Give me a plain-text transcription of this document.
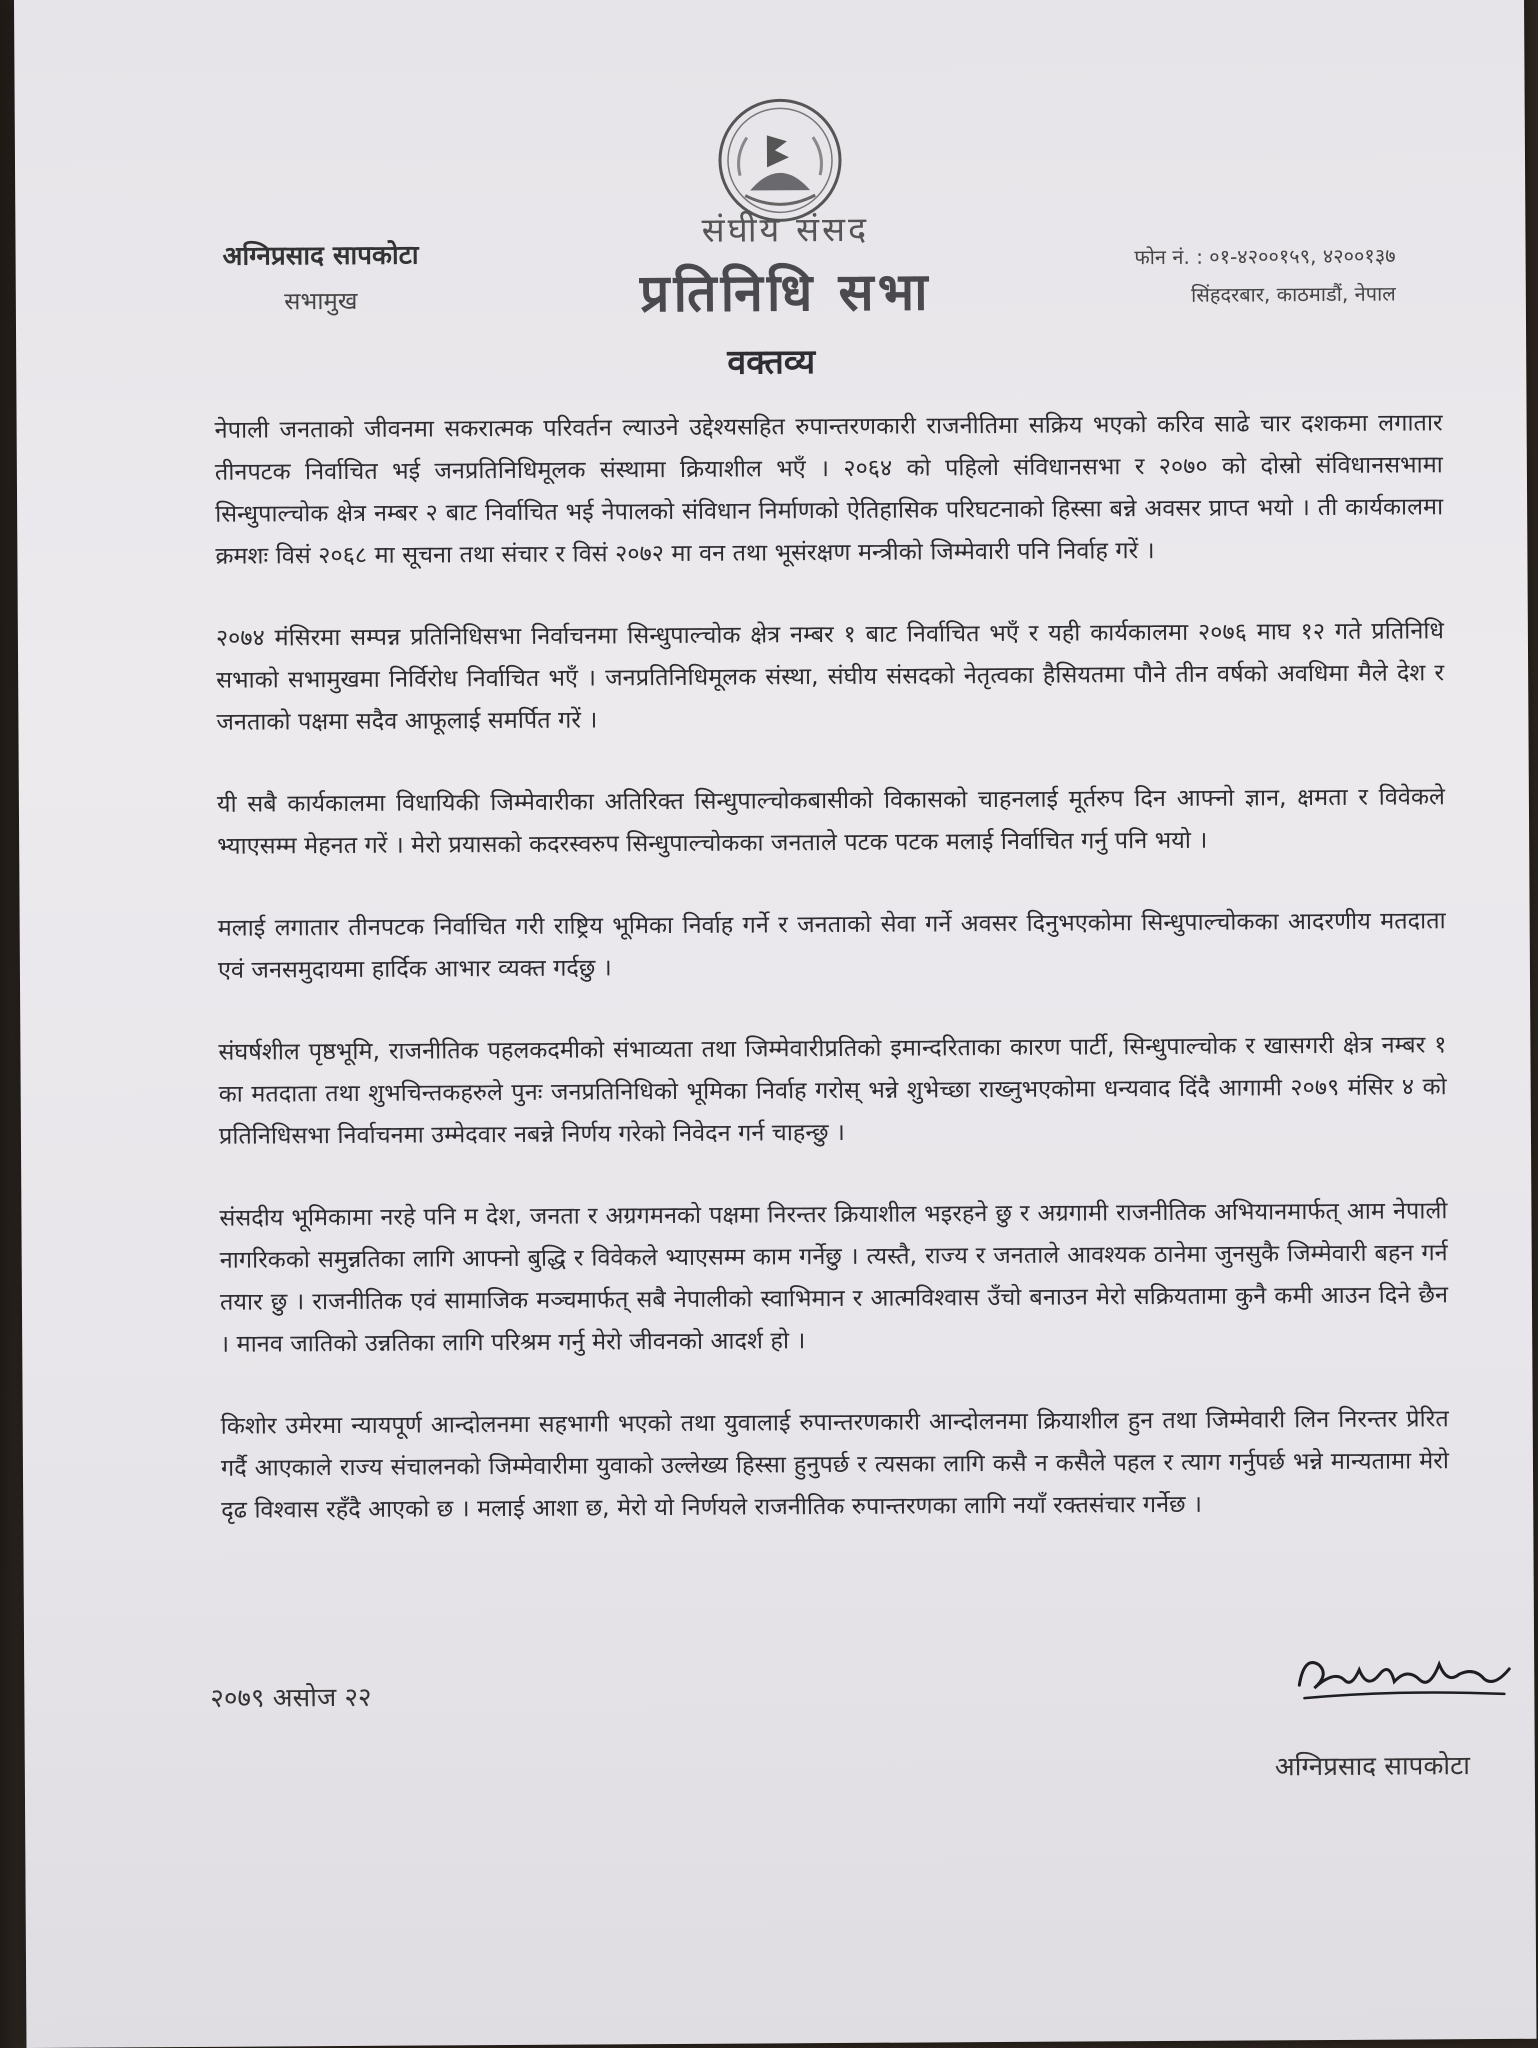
अग्निप्रसाद सापकोटा
सभामुख
संघीय संसद
प्रतिनिधि सभा
फोन नं. : ०१-४२००१५९, ४२००१३७
सिंहदरबार, काठमाडौं, नेपाल
वक्तव्य

नेपाली जनताको जीवनमा सकरात्मक परिवर्तन ल्याउने उद्देश्यसहित रुपान्तरणकारी राजनीतिमा सक्रिय भएको करिव साढे चार दशकमा लगातार तीनपटक निर्वाचित भई जनप्रतिनिधिमूलक संस्थामा क्रियाशील भएँ । २०६४ को पहिलो संविधानसभा र २०७० को दोस्रो संविधानसभामा सिन्धुपाल्चोक क्षेत्र नम्बर २ बाट निर्वाचित भई नेपालको संविधान निर्माणको ऐतिहासिक परिघटनाको हिस्सा बन्ने अवसर प्राप्त भयो । ती कार्यकालमा क्रमशः विसं २०६८ मा सूचना तथा संचार र विसं २०७२ मा वन तथा भूसंरक्षण मन्त्रीको जिम्मेवारी पनि निर्वाह गरें ।

२०७४ मंसिरमा सम्पन्न प्रतिनिधिसभा निर्वाचनमा सिन्धुपाल्चोक क्षेत्र नम्बर १ बाट निर्वाचित भएँ र यही कार्यकालमा २०७६ माघ १२ गते प्रतिनिधि सभाको सभामुखमा निर्विरोध निर्वाचित भएँ । जनप्रतिनिधिमूलक संस्था, संघीय संसदको नेतृत्वका हैसियतमा पौने तीन वर्षको अवधिमा मैले देश र जनताको पक्षमा सदैव आफूलाई समर्पित गरें ।

यी सबै कार्यकालमा विधायिकी जिम्मेवारीका अतिरिक्त सिन्धुपाल्चोकबासीको विकासको चाहनलाई मूर्तरुप दिन आफ्नो ज्ञान, क्षमता र विवेकले भ्याएसम्म मेहनत गरें । मेरो प्रयासको कदरस्वरुप सिन्धुपाल्चोकका जनताले पटक पटक मलाई निर्वाचित गर्नु पनि भयो ।

मलाई लगातार तीनपटक निर्वाचित गरी राष्ट्रिय भूमिका निर्वाह गर्ने र जनताको सेवा गर्ने अवसर दिनुभएकोमा सिन्धुपाल्चोकका आदरणीय मतदाता एवं जनसमुदायमा हार्दिक आभार व्यक्त गर्दछु ।

संघर्षशील पृष्ठभूमि, राजनीतिक पहलकदमीको संभाव्यता तथा जिम्मेवारीप्रतिको इमान्दरिताका कारण पार्टी, सिन्धुपाल्चोक र खासगरी क्षेत्र नम्बर १ का मतदाता तथा शुभचिन्तकहरुले पुनः जनप्रतिनिधिको भूमिका निर्वाह गरोस् भन्ने शुभेच्छा राख्नुभएकोमा धन्यवाद दिंदै आगामी २०७९ मंसिर ४ को प्रतिनिधिसभा निर्वाचनमा उम्मेदवार नबन्ने निर्णय गरेको निवेदन गर्न चाहन्छु ।

संसदीय भूमिकामा नरहे पनि म देश, जनता र अग्रगमनको पक्षमा निरन्तर क्रियाशील भइरहने छु र अग्रगामी राजनीतिक अभियानमार्फत् आम नेपाली नागरिकको समुन्नतिका लागि आफ्नो बुद्धि र विवेकले भ्याएसम्म काम गर्नेछु । त्यस्तै, राज्य र जनताले आवश्यक ठानेमा जुनसुकै जिम्मेवारी बहन गर्न तयार छु । राजनीतिक एवं सामाजिक मञ्चमार्फत् सबै नेपालीको स्वाभिमान र आत्मविश्वास उँचो बनाउन मेरो सक्रियतामा कुनै कमी आउन दिने छैन । मानव जातिको उन्नतिका लागि परिश्रम गर्नु मेरो जीवनको आदर्श हो ।

किशोर उमेरमा न्यायपूर्ण आन्दोलनमा सहभागी भएको तथा युवालाई रुपान्तरणकारी आन्दोलनमा क्रियाशील हुन तथा जिम्मेवारी लिन निरन्तर प्रेरित गर्दै आएकाले राज्य संचालनको जिम्मेवारीमा युवाको उल्लेख्य हिस्सा हुनुपर्छ र त्यसका लागि कसै न कसैले पहल र त्याग गर्नुपर्छ भन्ने मान्यतामा मेरो दृढ विश्वास रहँदै आएको छ । मलाई आशा छ, मेरो यो निर्णयले राजनीतिक रुपान्तरणका लागि नयाँ रक्तसंचार गर्नेछ ।

२०७९ असोज २२
अग्निप्रसाद सापकोटा
